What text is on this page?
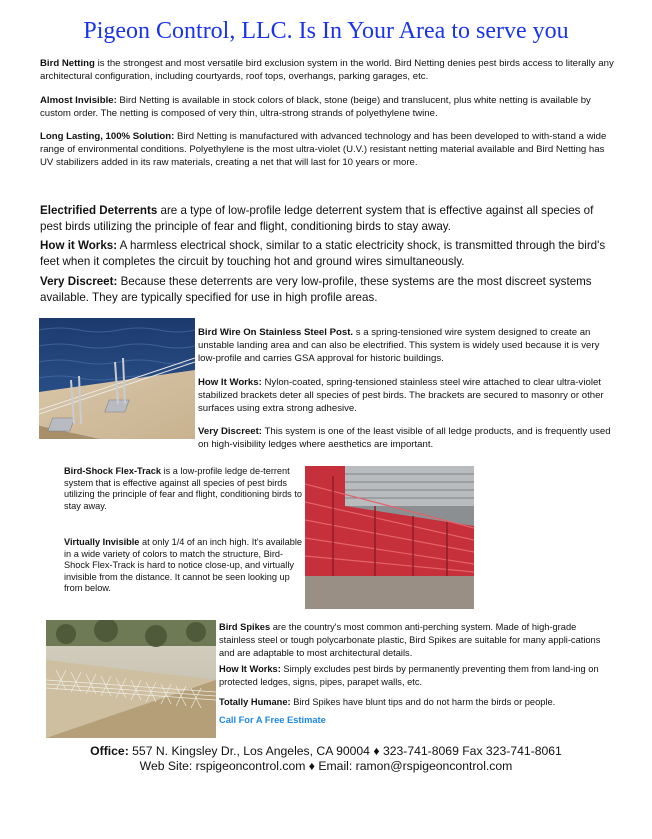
Pigeon Control, LLC. Is In Your Area to serve you

Bird Netting is the strongest and most versatile bird exclusion system in the world. Bird Netting denies pest birds access to literally any architectural configuration, including courtyards, roof tops, overhangs, parking garages, etc.

Almost Invisible: Bird Netting is available in stock colors of black, stone (beige) and translucent, plus white netting is available by custom order. The netting is composed of very thin, ultra-strong strands of polyethylene twine.

Long Lasting, 100% Solution: Bird Netting is manufactured with advanced technology and has been developed to with-stand a wide range of environmental conditions. Polyethylene is the most ultra-violet (U.V.) resistant netting material available and Bird Netting has UV stabilizers added in its raw materials, creating a net that will last for 10 years or more.

Electrified Deterrents are a type of low-profile ledge deterrent system that is effective against all species of pest birds utilizing the principle of fear and flight, conditioning birds to stay away.

How it Works: A harmless electrical shock, similar to a static electricity shock, is transmitted through the bird's feet when it completes the circuit by touching hot and ground wires simultaneously.

Very Discreet: Because these deterrents are very low-profile, these systems are the most discreet systems available. They are typically specified for use in high profile areas.

Bird Wire On Stainless Steel Post. s a spring-tensioned wire system designed to create an unstable landing area and can also be electrified. This system is widely used because it is very low-profile and carries GSA approval for historic buildings.

How It Works: Nylon-coated, spring-tensioned stainless steel wire attached to clear ultra-violet stabilized brackets deter all species of pest birds. The brackets are secured to masonry or other surfaces using extra strong adhesive.

Very Discreet: This system is one of the least visible of all ledge products, and is frequently used on high-visibility ledges where aesthetics are important.

Bird-Shock Flex-Track is a low-profile ledge de-terrent system that is effective against all species of pest birds utilizing the principle of fear and flight, conditioning birds to stay away.

Virtually Invisible at only 1/4 of an inch high. It's available in a wide variety of colors to match the structure, Bird-Shock Flex-Track is hard to notice close-up, and virtually invisible from the distance. It cannot be seen looking up from below.

Bird Spikes are the country's most common anti-perching system. Made of high-grade stainless steel or tough polycarbonate plastic, Bird Spikes are suitable for many appli-cations and are adaptable to most architectural details.

How It Works: Simply excludes pest birds by permanently preventing them from land-ing on protected ledges, signs, pipes, parapet walls, etc.

Totally Humane: Bird Spikes have blunt tips and do not harm the birds or people.

Call For A Free Estimate

Office: 557 N. Kingsley Dr., Los Angeles, CA 90004 ♦ 323-741-8069 Fax 323-741-8061
Web Site: rspigeoncontrol.com ♦ Email: ramon@rspigeoncontrol.com
